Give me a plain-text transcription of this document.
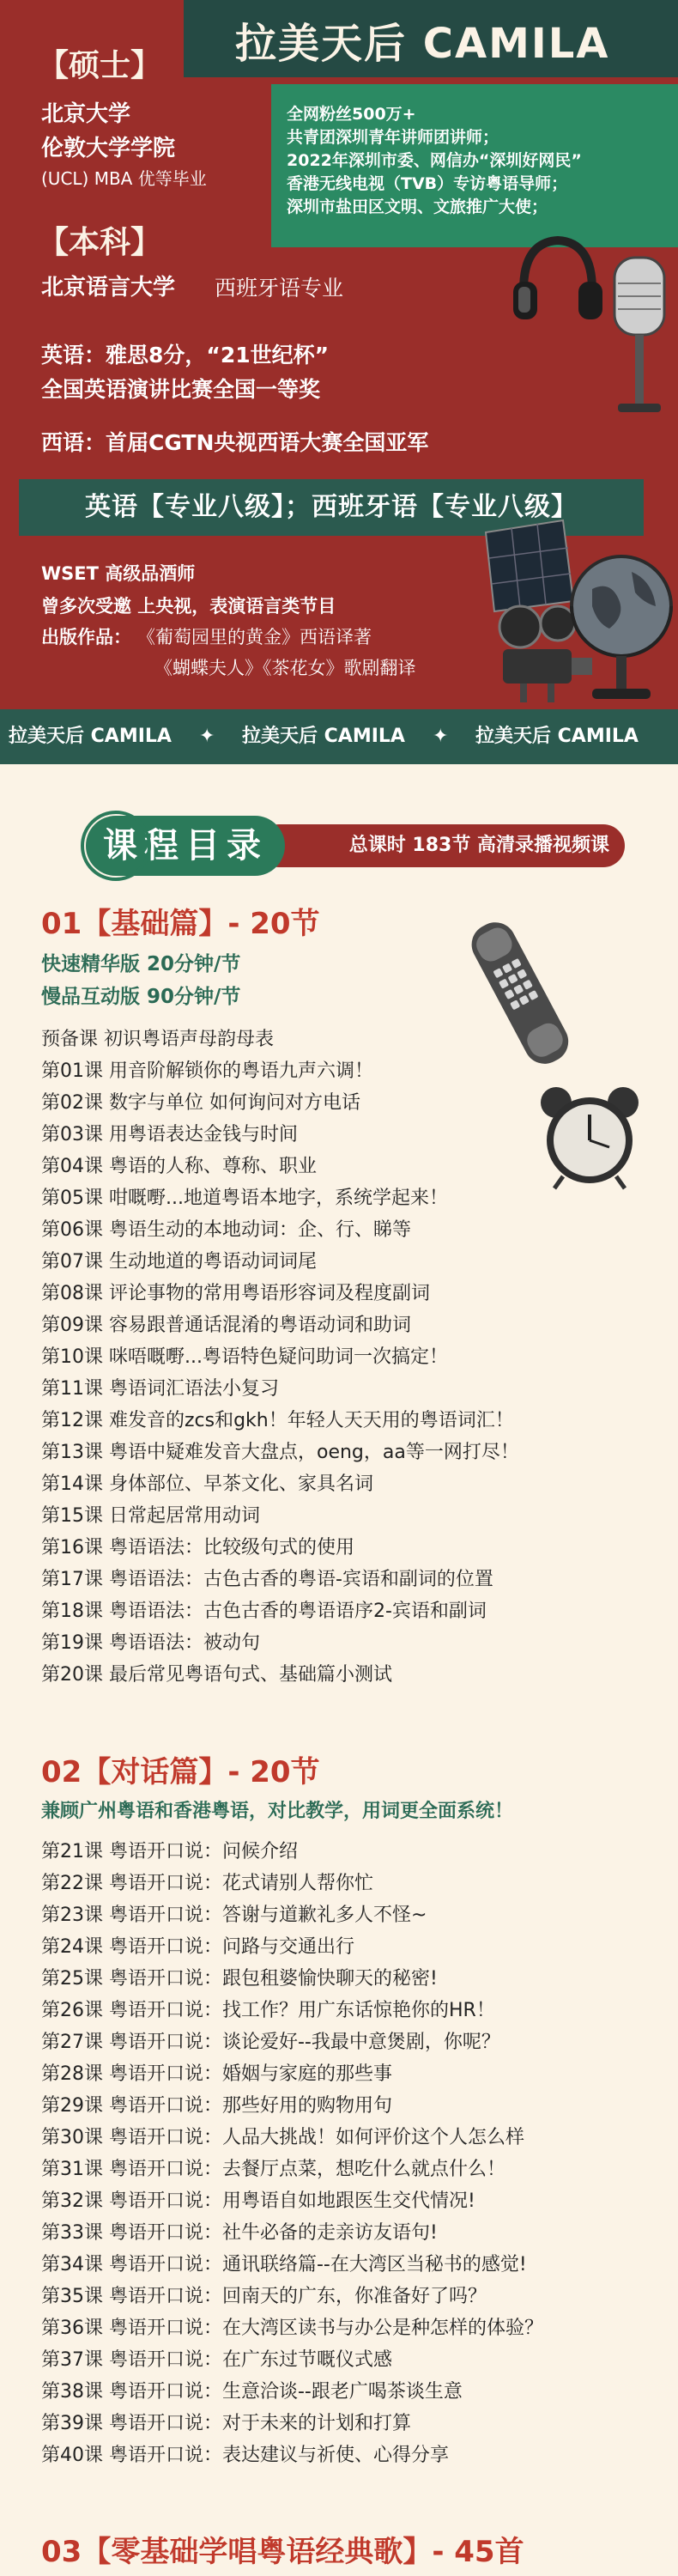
拉美天后 CAMILA
【硕士】
北京大学
伦敦大学学院
(UCL) MBA 优等毕业
全网粉丝500万+
共青团深圳青年讲师团讲师；
2022年深圳市委、网信办“深圳好网民”
香港无线电视（TVB）专访粤语导师；
深圳市盐田区文明、文旅推广大使；
【本科】
北京语言大学 西班牙语专业
英语：雅思8分，“21世纪杯”
全国英语演讲比赛全国一等奖
西语：首届CGTN央视西语大赛全国亚军
英语【专业八级】；西班牙语【专业八级】
WSET 高级品酒师
曾多次受邀 上央视，表演语言类节目
出版作品： 《葡萄园里的黄金》西语译著
《蝴蝶夫人》《茶花女》歌剧翻译
拉美天后 CAMILA ✦ 拉美天后 CAMILA ✦ 拉美天后 CAMILA
总课时 183节 高清录播视频课
课程目录
01【基础篇】- 20节
快速精华版 20分钟/节
慢品互动版 90分钟/节
预备课 初识粤语声母韵母表
第01课 用音阶解锁你的粤语九声六调！
第02课 数字与单位 如何询问对方电话
第03课 用粤语表达金钱与时间
第04课 粤语的人称、尊称、职业
第05课 咁嘅嘢...地道粤语本地字，系统学起来！
第06课 粤语生动的本地动词：企、行、睇等
第07课 生动地道的粤语动词词尾
第08课 评论事物的常用粤语形容词及程度副词
第09课 容易跟普通话混淆的粤语动词和助词
第10课 咪唔嘅嘢...粤语特色疑问助词一次搞定！
第11课 粤语词汇语法小复习
第12课 难发音的zcs和gkh！年轻人天天用的粤语词汇！
第13课 粤语中疑难发音大盘点，oeng，aa等一网打尽！
第14课 身体部位、早茶文化、家具名词
第15课 日常起居常用动词
第16课 粤语语法：比较级句式的使用
第17课 粤语语法：古色古香的粤语-宾语和副词的位置
第18课 粤语语法：古色古香的粤语语序2-宾语和副词
第19课 粤语语法：被动句
第20课 最后常见粤语句式、基础篇小测试
02【对话篇】- 20节
兼顾广州粤语和香港粤语，对比教学，用词更全面系统！
第21课 粤语开口说：问候介绍
第22课 粤语开口说：花式请别人帮你忙
第23课 粤语开口说：答谢与道歉礼多人不怪~
第24课 粤语开口说：问路与交通出行
第25课 粤语开口说：跟包租婆愉快聊天的秘密!
第26课 粤语开口说：找工作？用广东话惊艳你的HR！
第27课 粤语开口说：谈论爱好--我最中意煲剧，你呢？
第28课 粤语开口说：婚姻与家庭的那些事
第29课 粤语开口说：那些好用的购物用句
第30课 粤语开口说：人品大挑战！如何评价这个人怎么样
第31课 粤语开口说：去餐厅点菜，想吃什么就点什么！
第32课 粤语开口说：用粤语自如地跟医生交代情况!
第33课 粤语开口说：社牛必备的走亲访友语句!
第34课 粤语开口说：通讯联络篇--在大湾区当秘书的感觉!
第35课 粤语开口说：回南天的广东，你准备好了吗？
第36课 粤语开口说：在大湾区读书与办公是种怎样的体验？
第37课 粤语开口说：在广东过节嘅仪式感
第38课 粤语开口说：生意洽谈--跟老广喝茶谈生意
第39课 粤语开口说：对于未来的计划和打算
第40课 粤语开口说：表达建议与祈使、心得分享
03【零基础学唱粤语经典歌】- 45首
